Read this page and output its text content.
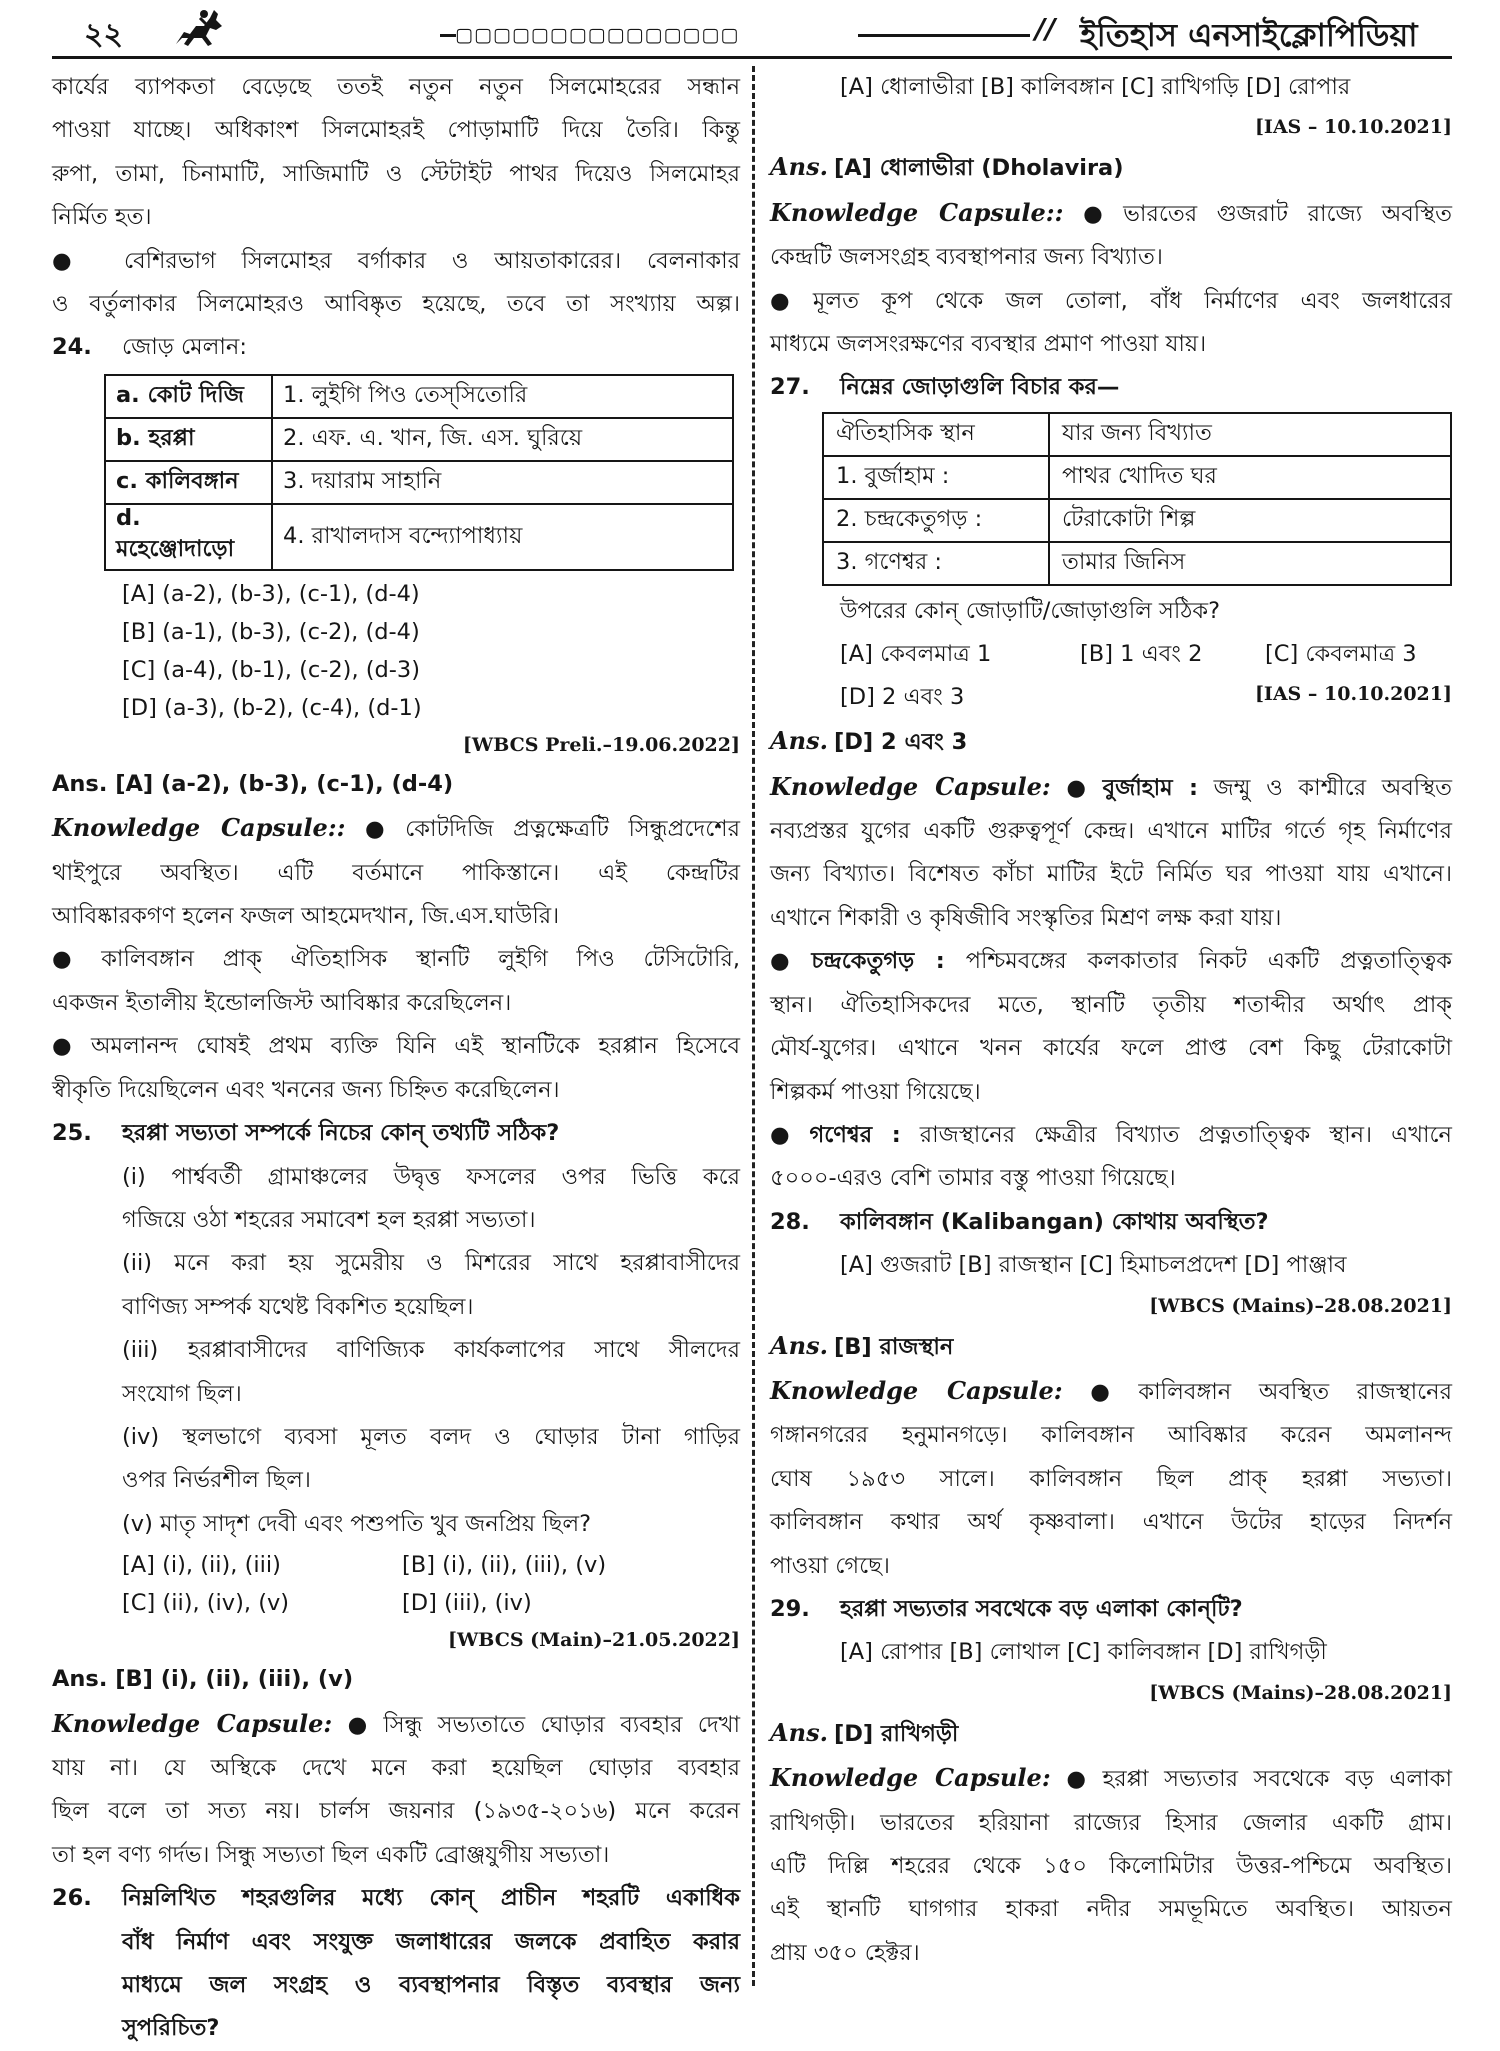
২২	▢▢▢▢▢▢▢▢▢▢▢▢▢▢▢	// ইতিহাস এনসাইক্লোপিডিয়া

কার্যের ব্যাপকতা বেড়েছে ততই নতুন নতুন সিলমোহরের সন্ধান

পাওয়া যাচ্ছে। অধিকাংশ সিলমোহরই পোড়ামাটি দিয়ে তৈরি। কিন্তু

রুপা, তামা, চিনামাটি, সাজিমাটি ও স্টেটাইট পাথর দিয়েও সিলমোহর

নির্মিত হত।

● বেশিরভাগ সিলমোহর বর্গাকার ও আয়তাকারের। বেলনাকার

ও বর্তুলাকার সিলমোহরও আবিষ্কৃত হয়েছে, তবে তা সংখ্যায় অল্প।

24. জোড় মেলান:

a. কোট দিজি	1. লুইগি পিও তেস্‌সিতোরি
b. হরপ্পা	2. এফ. এ. খান, জি. এস. ঘুরিয়ে
c. কালিবঙ্গান	3. দয়ারাম সাহানি
d. মহেঞ্জোদাড়ো	4. রাখালদাস বন্দ্যোপাধ্যায়

[A] (a-2), (b-3), (c-1), (d-4)

[B] (a-1), (b-3), (c-2), (d-4)

[C] (a-4), (b-1), (c-2), (d-3)

[D] (a-3), (b-2), (c-4), (d-1)

[WBCS Preli.–19.06.2022]

Ans. [A] (a-2), (b-3), (c-1), (d-4)

Knowledge Capsule:: ● কোটদিজি প্রত্নক্ষেত্রটি সিন্ধুপ্রদেশের

থাইপুরে অবস্থিত। এটি বর্তমানে পাকিস্তানে। এই কেন্দ্রটির

আবিষ্কারকগণ হলেন ফজল আহমেদখান, জি.এস.ঘাউরি।

● কালিবঙ্গান প্রাক্ ঐতিহাসিক স্থানটি লুইগি পিও টেসিটোরি,

একজন ইতালীয় ইন্ডোলজিস্ট আবিষ্কার করেছিলেন।

● অমলানন্দ ঘোষই প্রথম ব্যক্তি যিনি এই স্থানটিকে হরপ্পান হিসেবে

স্বীকৃতি দিয়েছিলেন এবং খননের জন্য চিহ্নিত করেছিলেন।

25. হরপ্পা সভ্যতা সম্পর্কে নিচের কোন্ তথ্যটি সঠিক?

(i) পার্শ্ববর্তী গ্রামাঞ্চলের উদ্বৃত্ত ফসলের ওপর ভিত্তি করে

গজিয়ে ওঠা শহরের সমাবেশ হল হরপ্পা সভ্যতা।

(ii) মনে করা হয় সুমেরীয় ও মিশরের সাথে হরপ্পাবাসীদের

বাণিজ্য সম্পর্ক যথেষ্ট বিকশিত হয়েছিল।

(iii) হরপ্পাবাসীদের বাণিজ্যিক কার্যকলাপের সাথে সীলদের

সংযোগ ছিল।

(iv) স্থলভাগে ব্যবসা মূলত বলদ ও ঘোড়ার টানা গাড়ির

ওপর নির্ভরশীল ছিল।

(v) মাতৃ সাদৃশ দেবী এবং পশুপতি খুব জনপ্রিয় ছিল?

[A] (i), (ii), (iii)	[B] (i), (ii), (iii), (v)
[C] (ii), (iv), (v)	[D] (iii), (iv)

[WBCS (Main)–21.05.2022]

Ans. [B] (i), (ii), (iii), (v)

Knowledge Capsule: ● সিন্ধু সভ্যতাতে ঘোড়ার ব্যবহার দেখা

যায় না। যে অস্থিকে দেখে মনে করা হয়েছিল ঘোড়ার ব্যবহার

ছিল বলে তা সত্য নয়। চার্লস জয়নার (১৯৩৫-২০১৬) মনে করেন

তা হল বণ্য গর্দভ। সিন্ধু সভ্যতা ছিল একটি ব্রোঞ্জযুগীয় সভ্যতা।

26. নিম্নলিখিত শহরগুলির মধ্যে কোন্ প্রাচীন শহরটি একাধিক

বাঁধ নির্মাণ এবং সংযুক্ত জলাধারের জলকে প্রবাহিত করার

মাধ্যমে জল সংগ্রহ ও ব্যবস্থাপনার বিস্তৃত ব্যবস্থার জন্য

সুপরিচিত?

[A] ধোলাভীরা [B] কালিবঙ্গান [C] রাখিগড়ি [D] রোপার

[IAS – 10.10.2021]

Ans. [A] ধোলাভীরা (Dholavira)

Knowledge Capsule:: ● ভারতের গুজরাট রাজ্যে অবস্থিত

কেন্দ্রটি জলসংগ্রহ ব্যবস্থাপনার জন্য বিখ্যাত।

● মূলত কূপ থেকে জল তোলা, বাঁধ নির্মাণের এবং জলধারের

মাধ্যমে জলসংরক্ষণের ব্যবস্থার প্রমাণ পাওয়া যায়।

27. নিম্নের জোড়াগুলি বিচার কর—

ঐতিহাসিক স্থান	যার জন্য বিখ্যাত
1. বুর্জাহাম :	পাথর খোদিত ঘর
2. চন্দ্রকেতুগড় :	টেরাকোটা শিল্প
3. গণেশ্বর :	তামার জিনিস

উপরের কোন্ জোড়াটি/জোড়াগুলি সঠিক?

[A] কেবলমাত্র 1	[B] 1 এবং 2	[C] কেবলমাত্র 3
[D] 2 এবং 3	[IAS – 10.10.2021]

Ans. [D] 2 এবং 3

Knowledge Capsule: ● বুর্জাহাম : জম্মু ও কাশ্মীরে অবস্থিত

নব্যপ্রস্তর যুগের একটি গুরুত্বপূর্ণ কেন্দ্র। এখানে মাটির গর্তে গৃহ নির্মাণের

জন্য বিখ্যাত। বিশেষত কাঁচা মাটির ইটে নির্মিত ঘর পাওয়া যায় এখানে।

এখানে শিকারী ও কৃষিজীবি সংস্কৃতির মিশ্রণ লক্ষ করা যায়।

● চন্দ্রকেতুগড় : পশ্চিমবঙ্গের কলকাতার নিকট একটি প্রত্নতাত্ত্বিক

স্থান। ঐতিহাসিকদের মতে, স্থানটি তৃতীয় শতাব্দীর অর্থাৎ প্রাক্

মৌর্য-যুগের। এখানে খনন কার্যের ফলে প্রাপ্ত বেশ কিছু টেরাকোটা

শিল্পকর্ম পাওয়া গিয়েছে।

● গণেশ্বর : রাজস্থানের ক্ষেত্রীর বিখ্যাত প্রত্নতাত্ত্বিক স্থান। এখানে

৫০০০-এরও বেশি তামার বস্তু পাওয়া গিয়েছে।

28. কালিবঙ্গান (Kalibangan) কোথায় অবস্থিত?

[A] গুজরাট [B] রাজস্থান [C] হিমাচলপ্রদেশ [D] পাঞ্জাব

[WBCS (Mains)–28.08.2021]

Ans. [B] রাজস্থান

Knowledge Capsule: ● কালিবঙ্গান অবস্থিত রাজস্থানের

গঙ্গানগরের হনুমানগড়ে। কালিবঙ্গান আবিষ্কার করেন অমলানন্দ

ঘোষ ১৯৫৩ সালে। কালিবঙ্গান ছিল প্রাক্ হরপ্পা সভ্যতা।

কালিবঙ্গান কথার অর্থ কৃষ্ণবালা। এখানে উটের হাড়ের নিদর্শন

পাওয়া গেছে।

29. হরপ্পা সভ্যতার সবথেকে বড় এলাকা কোন্‌টি?

[A] রোপার [B] লোথাল [C] কালিবঙ্গান [D] রাখিগড়ী

[WBCS (Mains)–28.08.2021]

Ans. [D] রাখিগড়ী

Knowledge Capsule: ● হরপ্পা সভ্যতার সবথেকে বড় এলাকা

রাখিগড়ী। ভারতের হরিয়ানা রাজ্যের হিসার জেলার একটি গ্রাম।

এটি দিল্লি শহরের থেকে ১৫০ কিলোমিটার উত্তর-পশ্চিমে অবস্থিত।

এই স্থানটি ঘাগগার হাকরা নদীর সমভূমিতে অবস্থিত। আয়তন

প্রায় ৩৫০ হেক্টর।
